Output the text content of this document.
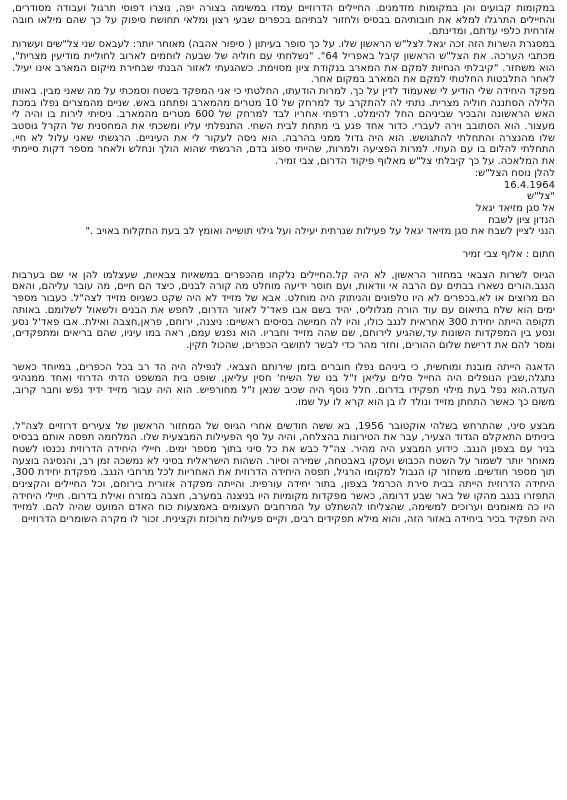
במקומות קבועים והן במקומות מזדמנים. החיילים הדרוזיים עמדו במשימה בצורה יפה, נוצרו דפוסי תרגול ועבודה מסודרים, והחיילים התרגלו למלא את חובותיהם בבסיס ולחזור לבתיהם בכפרים שבעי רצון ומלאי תחושת סיפוק על כך שהם מילאו חובה אזרחית כלפי עדתם, ומדינתם.

במסגרת השרות הזה זכה יגאל לצל"ש הראשון שלו. על כך סופר בעיתון ( סיפור אהבה) מאוחר יותר: לעבאס שני צל"שים ועשרות מכתבי הערכה. את הצל"ש הראשון קיבל באפריל 64". "נשלחתי עם חוליה של שבעה לוחמים לארוב לחוליית מודיעין מצרית", הוא משחזר. "קיבלתי הנחיות למקם את המארב בנקודת ציון מסוימת. כשהגעתי לאזור הבנתי שבחירת מיקום המארב אינו יעיל. לאחר התלבטות החלטתי למקם את המארב במקום אחר.

מפקד היחידה שלי הודיע לי שאעמוד לדין על כך. למרות הודעתו, החלטתי כי אני המפקד בשטח וסמכתי על מה שאני מבין. באותו הלילה הסתננה חוליה מצרית. נתתי לה להתקרב עד למרחק של 10 מטרים מהמארב ופתחנו באש. שניים מהמצרים נפלו במכת האש הראשונה והבכיר שביניהם החל להימלט. רדפתי אחריו לבד למרחק של 600 מטרים מהמארב. ניסיתי לירות בו והיה לי מעצור. הוא הסתובב וירה לעברי. כדור אחד פגע בי מתחת לבית השחי. התנפלתי עליו ומשכתי את המחסנית של הקרל גוסטב שלו מהנצרה והתחלתי להתגושש. הוא היה גדול ממני בהרבה. הוא ניסה לעקור לי את העיניים. הרגשתי שאני עלול לא חיי. התחלתי להלום בו עם העוזי. למרות הפציעה ולמרות, שהייתי ספוג בדם, הרגשתי שהוא הולך ונחלש ולאחר מספר דקות סיימתי את המלאכה. על כך קיבלתי צל"ש מאלוף פיקוד הדרום, צבי זמיר.

להלן נוסח הצל"ש:
16.4.1964
"צל"ש
אל סגן מזיאד יגאל
הנדון ציון לשבח

הנני לציין לשבח את סגן מזיאד יגאל על פעילות שגרתית יעילה ועל גילוי תושייה ואומץ לב בעת התקלות באויב ."

חתום : אלוף צבי זמיר

הגיוס לשרות הצבאי במחזור הראשון, לא היה קל.החיילים נלקחו מהכפרים במשאיות צבאיות, שעצלמו להן אי שם בערבות הנגב.הורים נשארו בבתים עם הרבה אי וודאות, ועם חוסר ידיעה מוחלט מה קורה לבנים, כיצד הם חיים, מה עובר עליהם, והאם הם מרוצים או לא.בכפרים לא היו טלפונים והניתוק היה מוחלט. אבא של מזייד לא היה שקט כשגיוס מזייד לצה"ל. כעבור מספר ימים הוא שלח בתיאום עם עוד הורה מגלוליס, יהיד בשם אבו פאד'ל לאזור הדרום, לחפש את הבנים ולשאול לשלומם. באותה תקופה הייתה יחידת 300 אחראית לנגב כולו, והיו לה חמישה בסיסים ראשיים: ניצנה, ירוחם, פראן,חצבה ואילת. אבו פאד'ל נסע ונסע בין המפקדות השונות עד,שהגיע לירוחם, שם שהה מזייד וחבריו. הוא נפגש עמם, ראה במו עיניו, שהם בריאים ומתפקדים, ומסר להם את דרישת שלום ההורים, וחזר מהר כדי לבשר לתושבי הכפרים, שהכול תקין.

הדאגה הייתה מובנת ומוחשית, כי ביניהם נפלו חוברים בזמן שירותם הצבאי. לנפילה היה הד רב בכל הכפרים, במיוחד כאשר נתגלה,שבין הנופלים היה החייל סלים עליאן ז"ל בנו של השיח' חסין עליאן, שופט בית המשפט הדתי הדרוזי ואחד ממנהיגי העדה.הוא נפל בעת מילוי תפקידו בדרום. חלל נוסף היה שכיב שנאן ז"ל מחורפיש. הוא היה עבור מזייד ידיד נפש וחבר קרוב, משום כך כאשר התחתן מזייד ונולד לו בן הוא קרא לו על שמו.

מבצע סיני, שהתרחש בשלהי אוקטובר 1956, בא ששה חודשים אחרי הגיוס של המחזור הראשון של צעירים דרוזיים לצה"ל. ביניתים התאקלם הגדוד הצעיר, עבר את הטירונות בהצלחה, והיה על סף הפעילות המבצעית שלו. המלחמה תפסה אותם בבסיס בניר עם בצפון הנגב. כידוע המבצע היה מהיר. צה"ל כבש את כל סיני בתוך מספר ימים. חיילי היחידה הדרוזית נכנסו לשטח מאוחר יותר לשמור על השטח הכבוש ועסקו באבטחה, שמירה וסיור. השהות הישראלית בסיני לא נמשכה זמן רב, והנסיגה בוצעה תוך מספר חודשים. משחזר קו הגבול למקומו הרגיל, תפסה היחידה הדרוזית את האחריות לכל מרחבי הנגב. מפקדת יחידת 300, היחידה הדרוזית הייתה בבית סירת הכרמל בצפון, בתור יחידה עורפית. והייתה מפקדה אזורית בירוחם, וכל החיילים והקצינים התפזרו בנגב מהקו של באר שבע דרומה, כאשר מפקדות מקומיות היו בניצנה במערב, חצבה במזרח ואילת בדרום. חיילי היחידה היו כה מאומנים וערוכים למשימה, שהצליחו להשתלט על המרחבים העצומים באמצעות כוח האדם המועט שהיה להם. למזייד היה תפקיד בכיר ביחידה באזור הזה, והוא מילא תפקידים רבים, וקיים פעילות מרוכזת וקצינית. זכור לו מקרה השומרים הדרוזיים
